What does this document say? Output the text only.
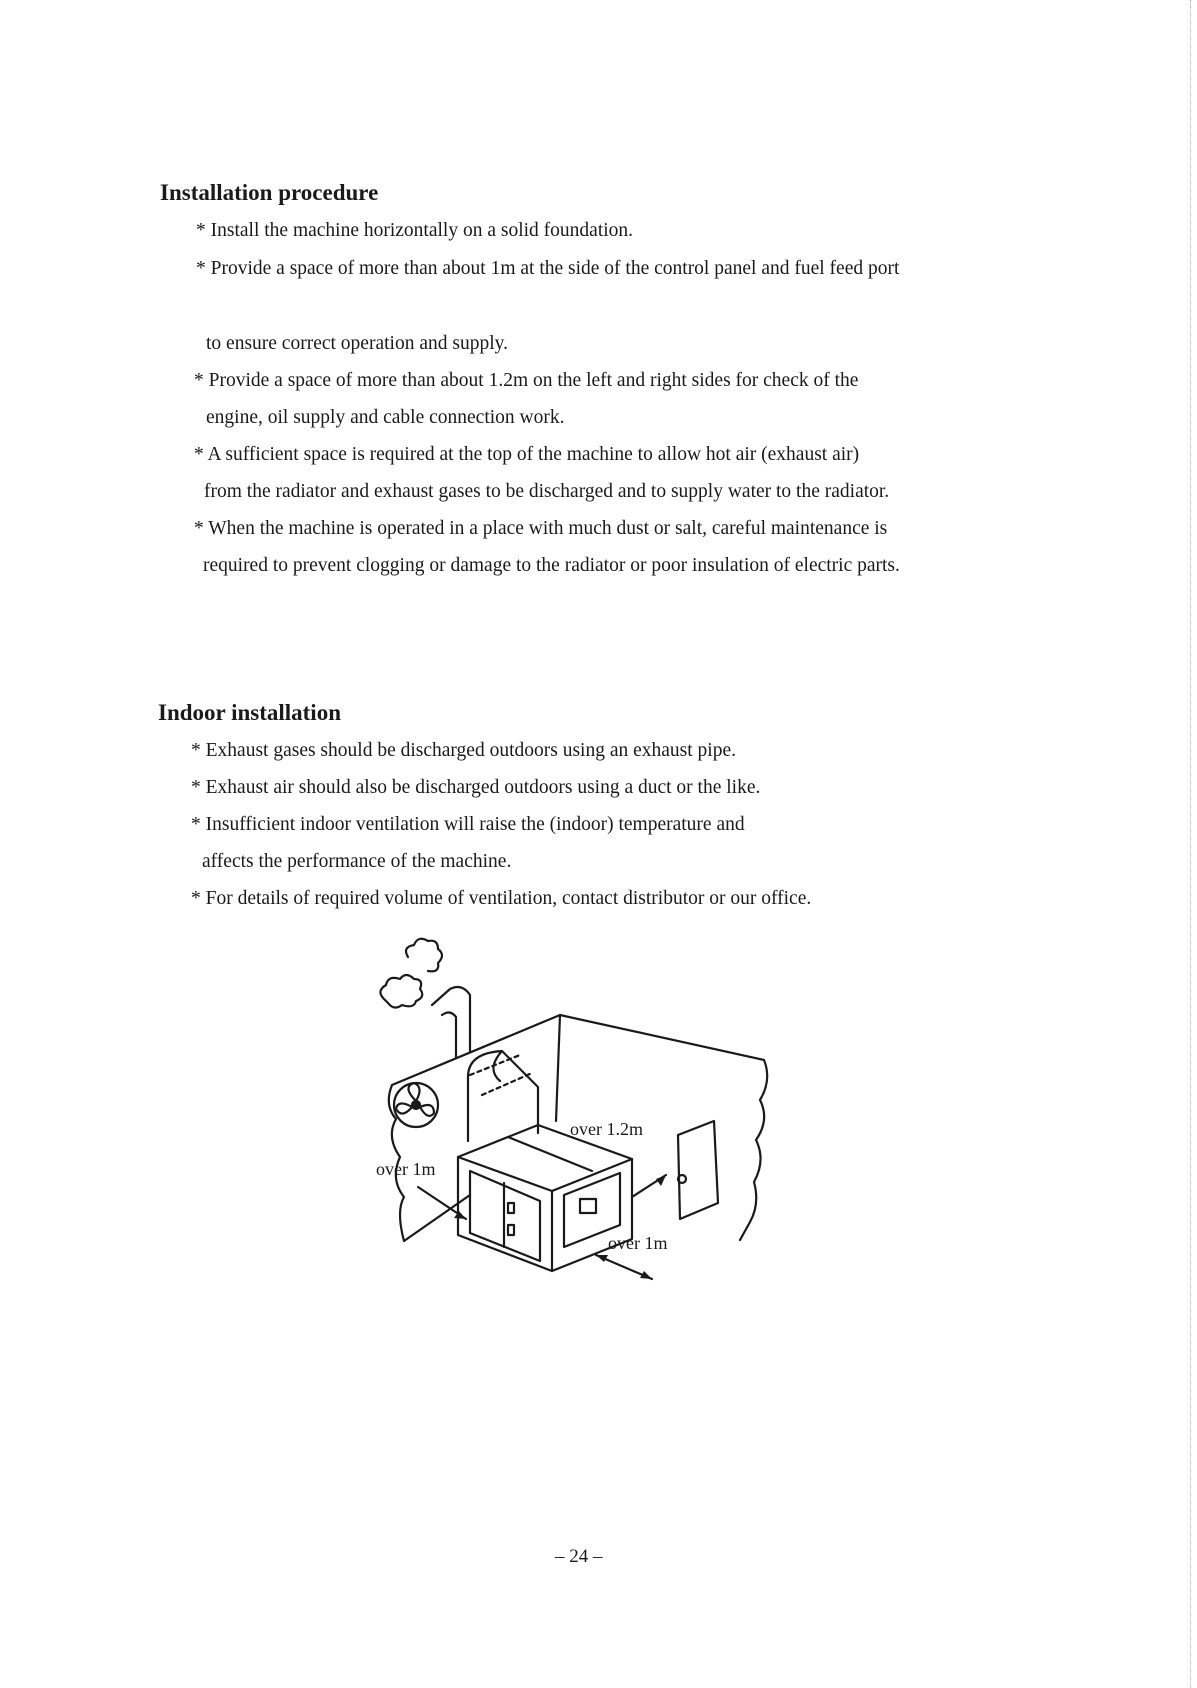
Installation procedure

* Install the machine horizontally on a solid foundation.

* Provide a space of more than about 1m at the side of the control panel and fuel feed port

to ensure correct operation and supply.

* Provide a space of more than about 1.2m on the left and right sides for check of the

engine, oil supply and cable connection work.

* A sufficient space is required at the top of the machine to allow hot air (exhaust air)

from the radiator and exhaust gases to be discharged and to supply water to the radiator.

* When the machine is operated in a place with much dust or salt, careful maintenance is

required to prevent clogging or damage to the radiator or poor insulation of electric parts.

Indoor installation

* Exhaust gases should be discharged outdoors using an exhaust pipe.

* Exhaust air should also be discharged outdoors using a duct or the like.

* Insufficient indoor ventilation will raise the (indoor) temperature and

affects the performance of the machine.

* For details of required volume of ventilation, contact distributor or our office.

over 1m
over 1.2m
over 1m
– 24 –
